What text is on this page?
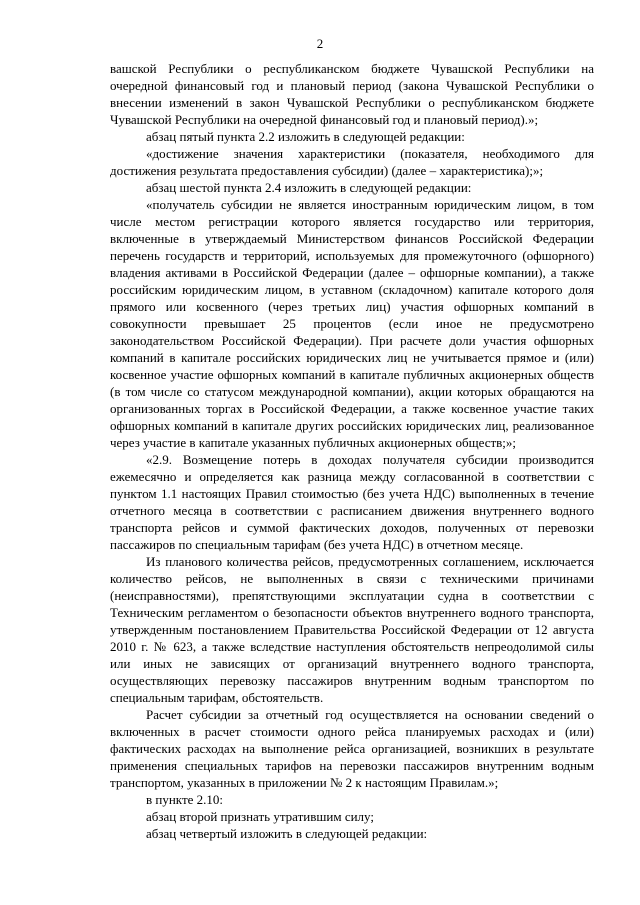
2

вашской Республики о республиканском бюджете Чувашской Республики на очередной финансовый год и плановый период (закона Чувашской Республики о внесении изменений в закон Чувашской Республики о республиканском бюджете Чувашской Республики на очередной финансовый год и плановый период).»;

абзац пятый пункта 2.2 изложить в следующей редакции:

«достижение значения характеристики (показателя, необходимого для достижения результата предоставления субсидии) (далее – характеристика);»;

абзац шестой пункта 2.4 изложить в следующей редакции:

«получатель субсидии не является иностранным юридическим лицом, в том числе местом регистрации которого является государство или территория, включенные в утверждаемый Министерством финансов Российской Федерации перечень государств и территорий, используемых для промежуточного (офшорного) владения активами в Российской Федерации (далее – офшорные компании), а также российским юридическим лицом, в уставном (складочном) капитале которого доля прямого или косвенного (через третьих лиц) участия офшорных компаний в совокупности превышает 25 процентов (если иное не предусмотрено законодательством Российской Федерации). При расчете доли участия офшорных компаний в капитале российских юридических лиц не учитывается прямое и (или) косвенное участие офшорных компаний в капитале публичных акционерных обществ (в том числе со статусом международной компании), акции которых обращаются на организованных торгах в Российской Федерации, а также косвенное участие таких офшорных компаний в капитале других российских юридических лиц, реализованное через участие в капитале указанных публичных акционерных обществ;»;

«2.9. Возмещение потерь в доходах получателя субсидии производится ежемесячно и определяется как разница между согласованной в соответствии с пунктом 1.1 настоящих Правил стоимостью (без учета НДС) выполненных в течение отчетного месяца в соответствии с расписанием движения внутреннего водного транспорта рейсов и суммой фактических доходов, полученных от перевозки пассажиров по специальным тарифам (без учета НДС) в отчетном месяце.

Из планового количества рейсов, предусмотренных соглашением, исключается количество рейсов, не выполненных в связи с техническими причинами (неисправностями), препятствующими эксплуатации судна в соответствии с Техническим регламентом о безопасности объектов внутреннего водного транспорта, утвержденным постановлением Правительства Российской Федерации от 12 августа 2010 г. № 623, а также вследствие наступления обстоятельств непреодолимой силы или иных не зависящих от организаций внутреннего водного транспорта, осуществляющих перевозку пассажиров внутренним водным транспортом по специальным тарифам, обстоятельств.

Расчет субсидии за отчетный год осуществляется на основании сведений о включенных в расчет стоимости одного рейса планируемых расходах и (или) фактических расходах на выполнение рейса организацией, возникших в результате применения специальных тарифов на перевозки пассажиров внутренним водным транспортом, указанных в приложении № 2 к настоящим Правилам.»;

в пункте 2.10:

абзац второй признать утратившим силу;

абзац четвертый изложить в следующей редакции:
